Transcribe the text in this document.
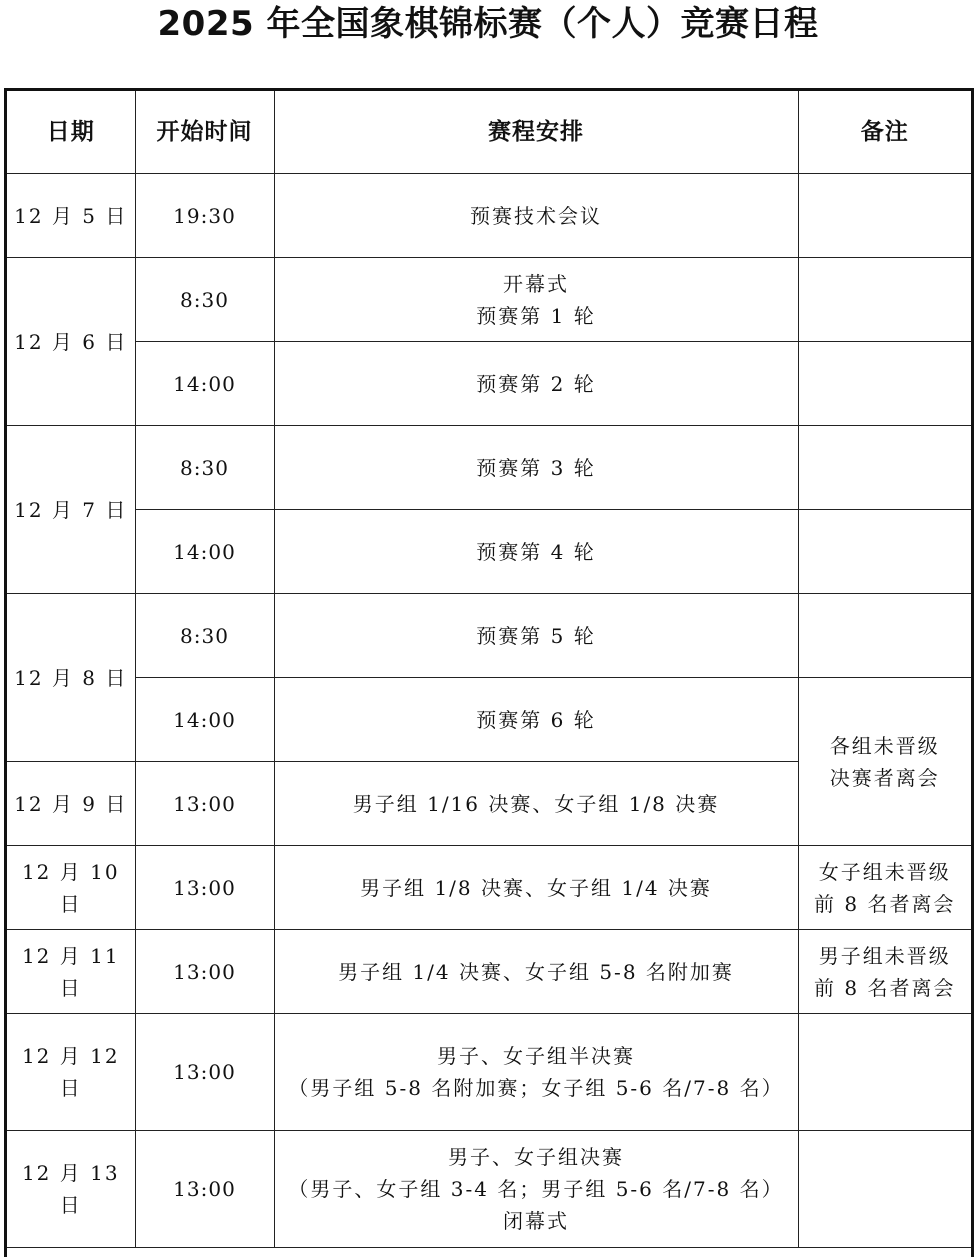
2025 年全国象棋锦标赛（个人）竞赛日程
日期	开始时间	赛程安排	备注
12 月 5 日	19:30	预赛技术会议	

12 月 6 日	8:30	开幕式
预赛第 1 轮	

	14:00	预赛第 2 轮	

12 月 7 日	8:30	预赛第 3 轮	

	14:00	预赛第 4 轮	

12 月 8 日	8:30	预赛第 5 轮	

	14:00	预赛第 6 轮	各组未晋级
决赛者离会

12 月 9 日	13:00	男子组 1/16 决赛、女子组 1/8 决赛	

12 月 10 日	13:00	男子组 1/8 决赛、女子组 1/4 决赛	女子组未晋级
前 8 名者离会

12 月 11 日	13:00	男子组 1/4 决赛、女子组 5-8 名附加赛	男子组未晋级
前 8 名者离会

12 月 12 日	13:00	男子、女子组半决赛
（男子组 5-8 名附加赛；女子组 5-6 名/7-8 名）	

12 月 13 日	13:00	男子、女子组决赛
（男子、女子组 3-4 名；男子组 5-6 名/7-8 名）
闭幕式	
